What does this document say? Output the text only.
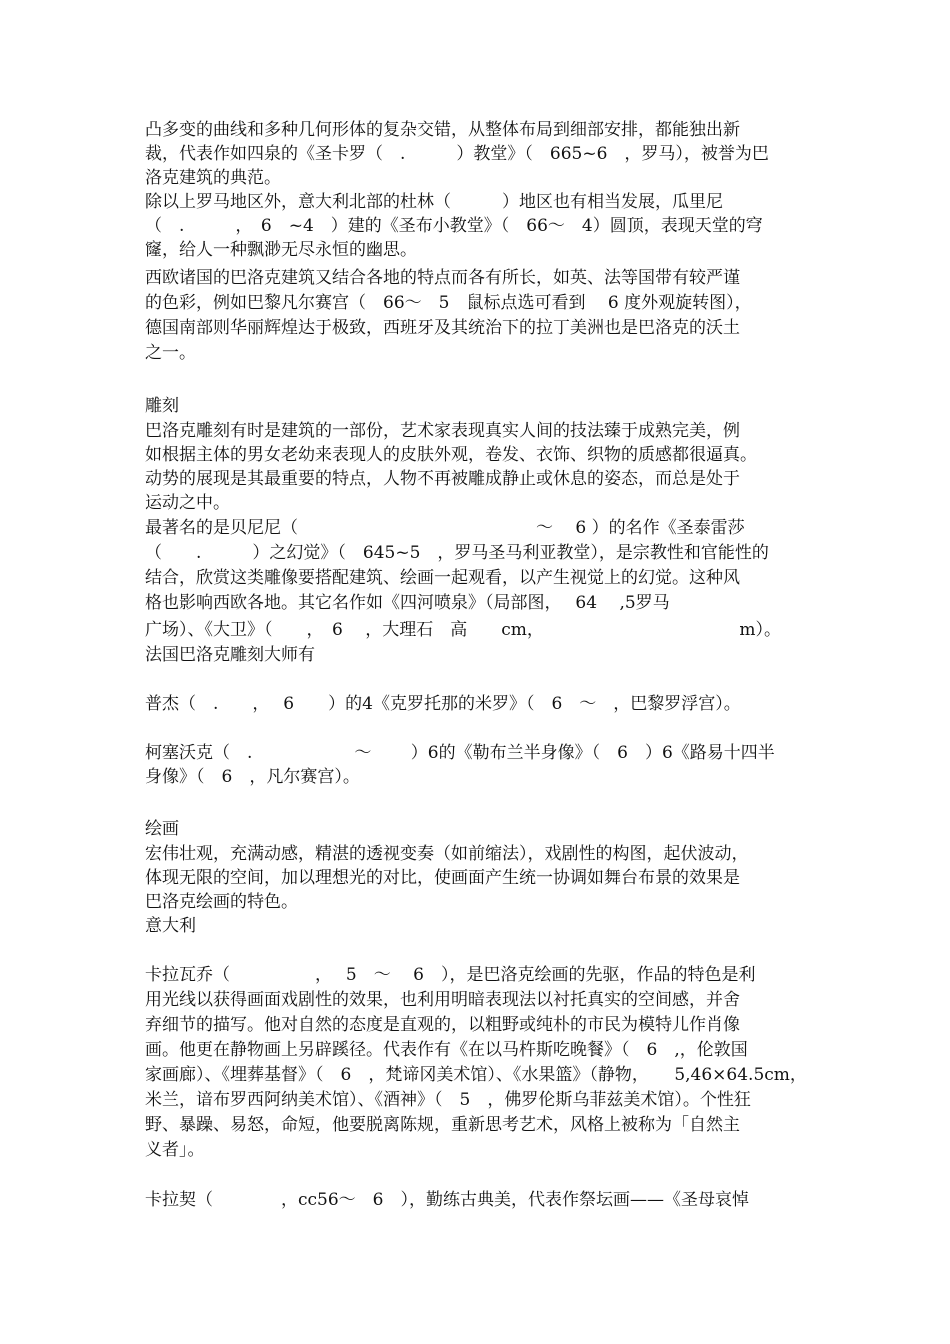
凸多变的曲线和多种几何形体的复杂交错，从整体布局到细部安排，都能独出新
裁，代表作如四泉的《圣卡罗（　.　　　）教堂》（　665~6　，罗马），被誉为巴
洛克建筑的典范。
除以上罗马地区外，意大利北部的杜林（　　　）地区也有相当发展，瓜里尼
（　.　　　，　6　~4　）建的《圣布小教堂》（　66～　4）圆顶，表现天堂的穹
窿，给人一种飘渺无尽永恒的幽思。
西欧诸国的巴洛克建筑又结合各地的特点而各有所长，如英、法等国带有较严谨
的色彩，例如巴黎凡尔赛宫（　66～　5　鼠标点选可看到　 6 度外观旋转图），
德国南部则华丽辉煌达于极致，西班牙及其统治下的拉丁美洲也是巴洛克的沃土
之一。
雕刻
巴洛克雕刻有时是建筑的一部份，艺术家表现真实人间的技法臻于成熟完美，例
如根据主体的男女老幼来表现人的皮肤外观，卷发、衣饰、织物的质感都很逼真。
动势的展现是其最重要的特点，人物不再被雕成静止或休息的姿态，而总是处于
运动之中。
最著名的是贝尼尼（　　　　　　　　　　　　　　～　 6 ）的名作《圣泰雷莎
（　　.　　　）之幻觉》（　645~5　，罗马圣马利亚教堂），是宗教性和官能性的
结合，欣赏这类雕像要搭配建筑、绘画一起观看，以产生视觉上的幻觉。这种风
格也影响西欧各地。其它名作如《四河喷泉》（局部图，　 64　 ,5罗马
广场）、《大卫》（　　，　6　 ，大理石　高　　cm，　　　　　　　　　　　　m）。
法国巴洛克雕刻大师有
普杰（　.　　，　 6　　）的4《克罗托那的米罗》（　6　～　，巴黎罗浮宫）。
柯塞沃克（　.　　　　　　～　　 ）6的《勒布兰半身像》（　6　）6《路易十四半
身像》（　6　，凡尔赛宫）。
绘画
宏伟壮观，充满动感，精湛的透视变奏（如前缩法），戏剧性的构图，起伏波动，
体现无限的空间，加以理想光的对比，使画面产生统一协调如舞台布景的效果是
巴洛克绘画的特色。
意大利
卡拉瓦乔（　　　　　，　 5　～　 6　），是巴洛克绘画的先驱，作品的特色是利
用光线以获得画面戏剧性的效果，也利用明暗表现法以衬托真实的空间感，并舍
弃细节的描写。他对自然的态度是直观的，以粗野或纯朴的市民为模特儿作肖像
画。他更在静物画上另辟蹊径。代表作有《在以马杵斯吃晚餐》（　6　,，伦敦国
家画廊）、《埋葬基督》（　6　，梵谛冈美术馆）、《水果篮》（静物，　　5,46×64.5cm，
米兰，谙布罗西阿纳美术馆）、《酒神》（　5　，佛罗伦斯乌菲兹美术馆）。个性狂
野、暴躁、易怒，命短，他要脱离陈规，重新思考艺术，风格上被称为「自然主
义者」。
卡拉契（　　　　，cc56～　6　），勤练古典美，代表作祭坛画——《圣母哀悼
